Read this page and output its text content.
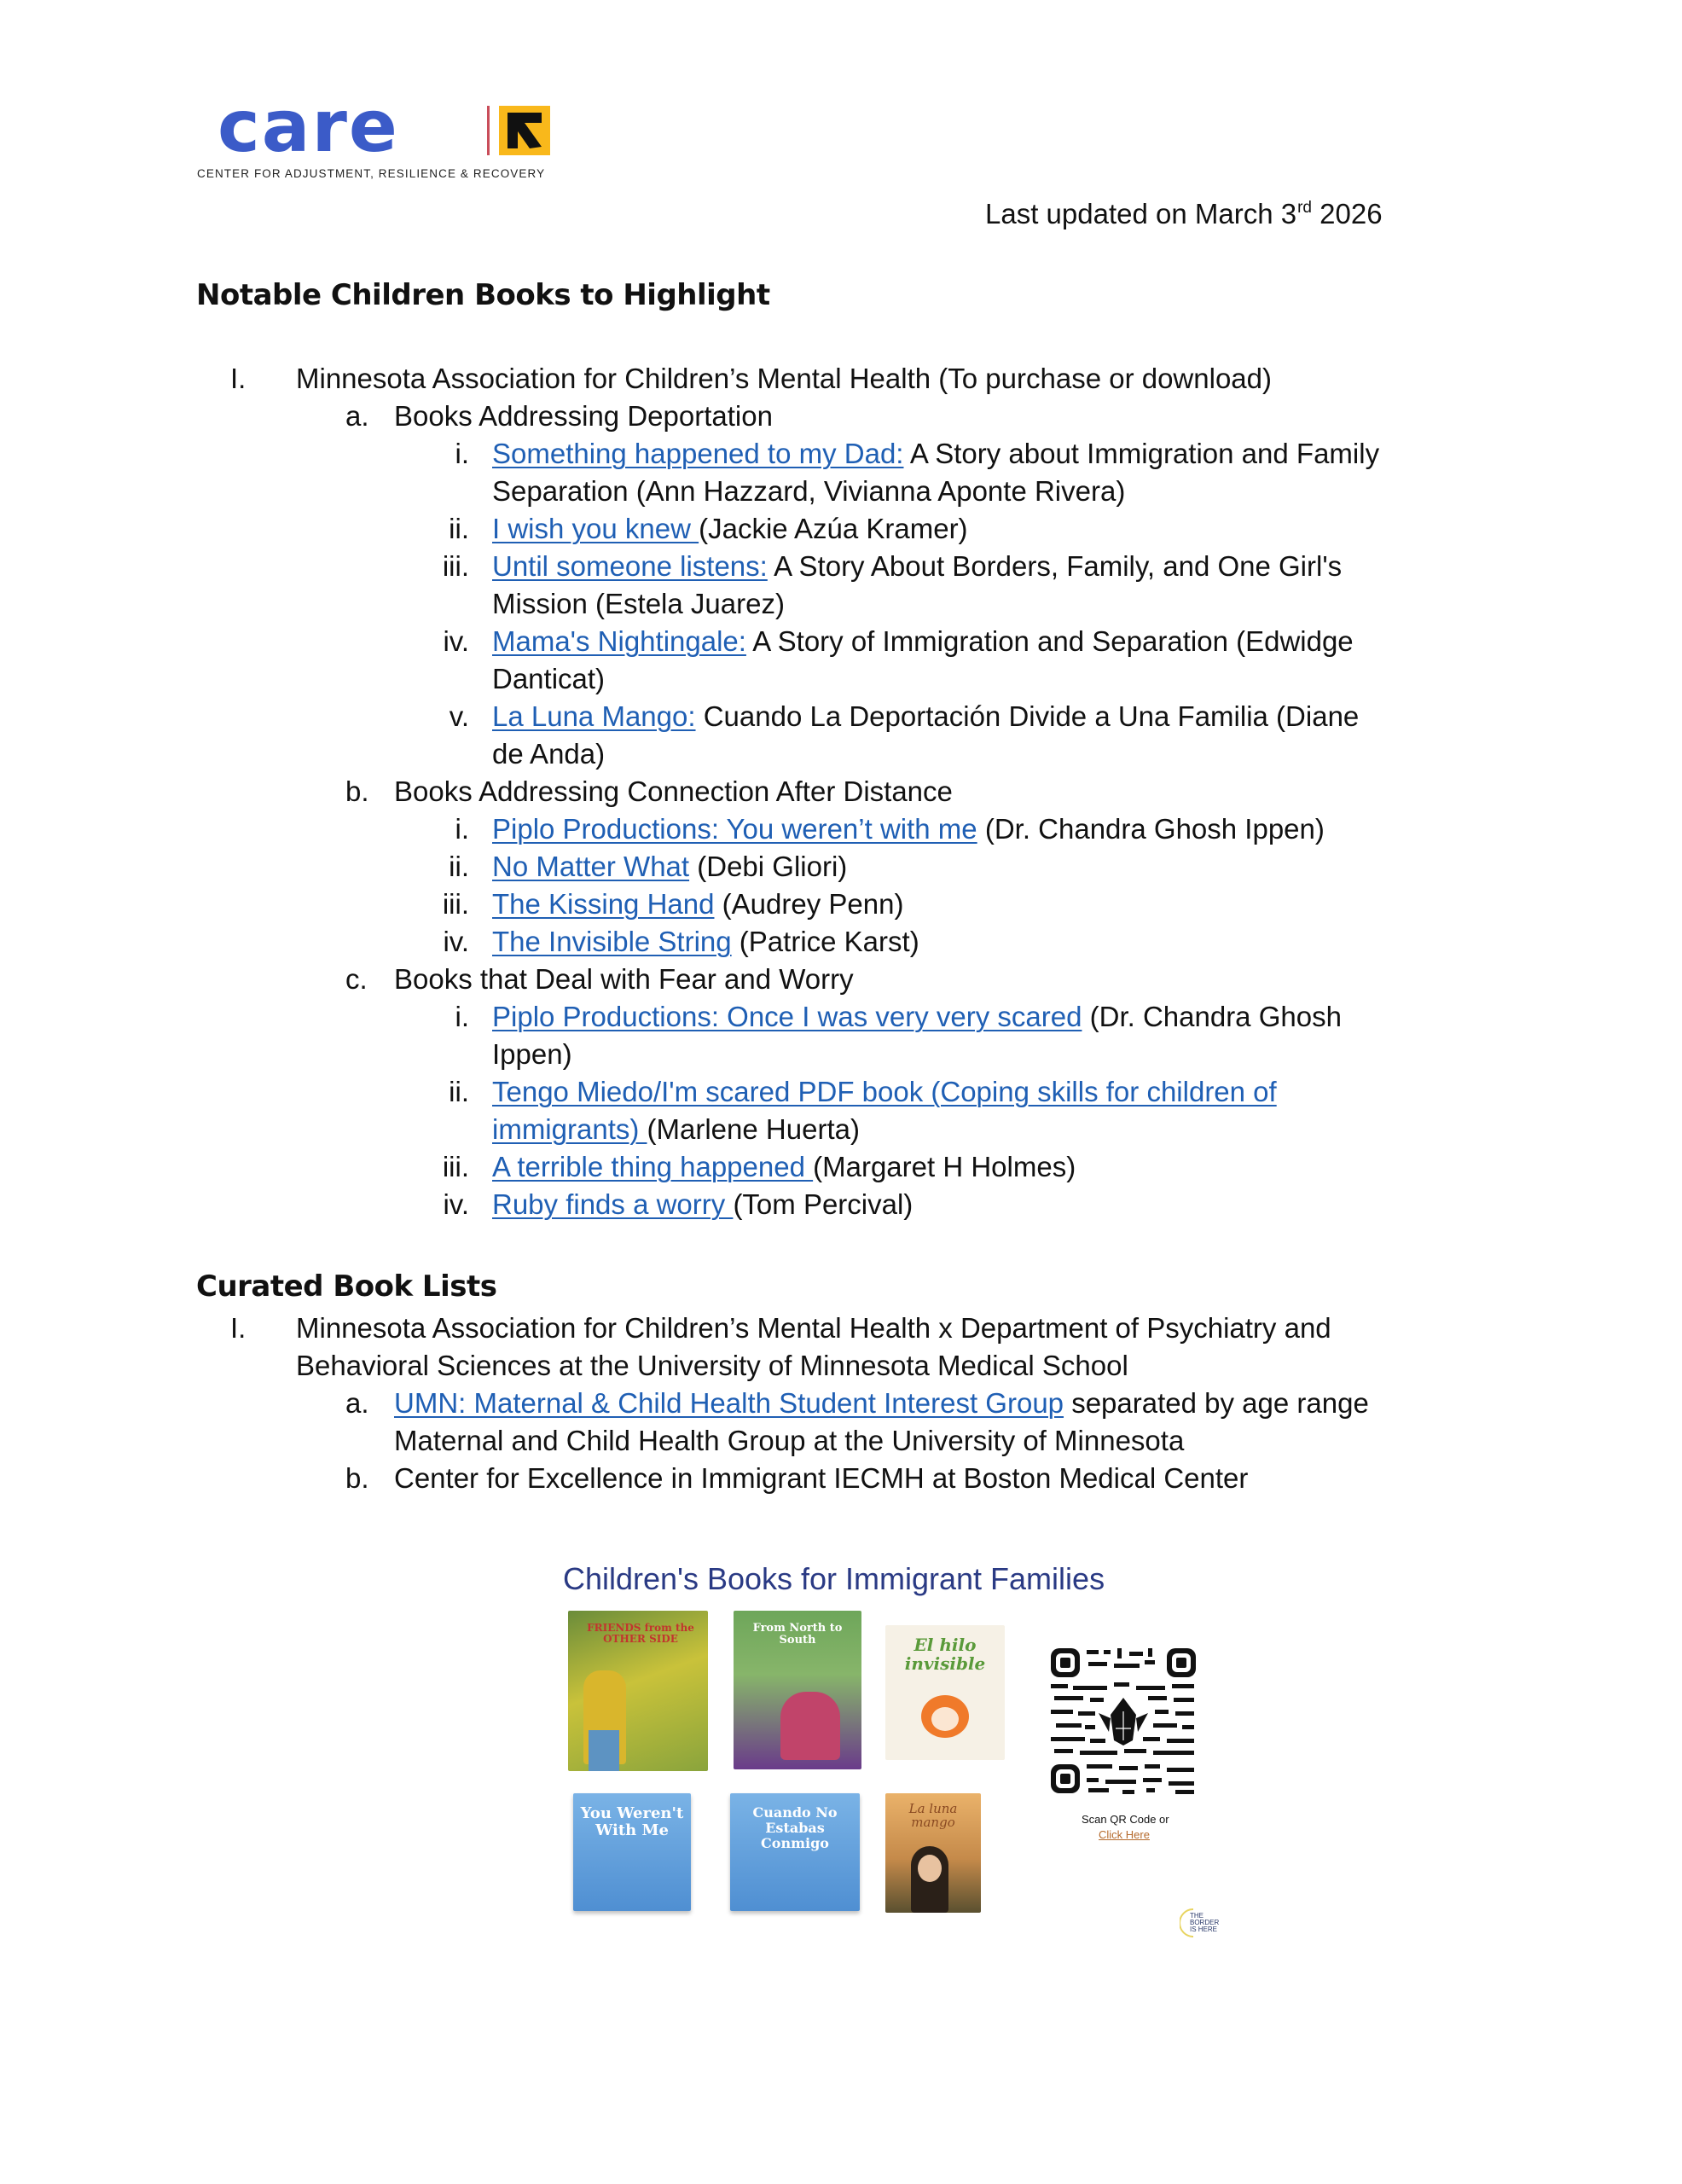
care
CENTER FOR ADJUSTMENT, RESILIENCE & RECOVERY
Last updated on March 3rd 2026
Notable Children Books to Highlight
I. Minnesota Association for Children’s Mental Health (To purchase or download)
a. Books Addressing Deportation
i. Something happened to my Dad: A Story about Immigration and Family
Separation (Ann Hazzard, Vivianna Aponte Rivera)
ii. I wish you knew (Jackie Azúa Kramer)
iii. Until someone listens: A Story About Borders, Family, and One Girl's
Mission (Estela Juarez)
iv. Mama's Nightingale: A Story of Immigration and Separation (Edwidge
Danticat)
v. La Luna Mango: Cuando La Deportación Divide a Una Familia (Diane
de Anda)
b. Books Addressing Connection After Distance
i. Piplo Productions: You weren’t with me (Dr. Chandra Ghosh Ippen)
ii. No Matter What (Debi Gliori)
iii. The Kissing Hand (Audrey Penn)
iv. The Invisible String (Patrice Karst)
c. Books that Deal with Fear and Worry
i. Piplo Productions: Once I was very very scared (Dr. Chandra Ghosh
Ippen)
ii. Tengo Miedo/I'm scared PDF book (Coping skills for children of
immigrants) (Marlene Huerta)
iii. A terrible thing happened (Margaret H Holmes)
iv. Ruby finds a worry (Tom Percival)
Curated Book Lists
I. Minnesota Association for Children’s Mental Health x Department of Psychiatry and
Behavioral Sciences at the University of Minnesota Medical School
a. UMN: Maternal & Child Health Student Interest Group separated by age range
Maternal and Child Health Group at the University of Minnesota
b. Center for Excellence in Immigrant IECMH at Boston Medical Center
Children's Books for Immigrant Families
FRIENDS from the OTHER SIDE
From North to South	El hilo invisible
You Weren't With Me
Cuando No Estabas Conmigo
La luna mango	Scan QR Code or
Click Here
THE
BORDER
IS HERE
